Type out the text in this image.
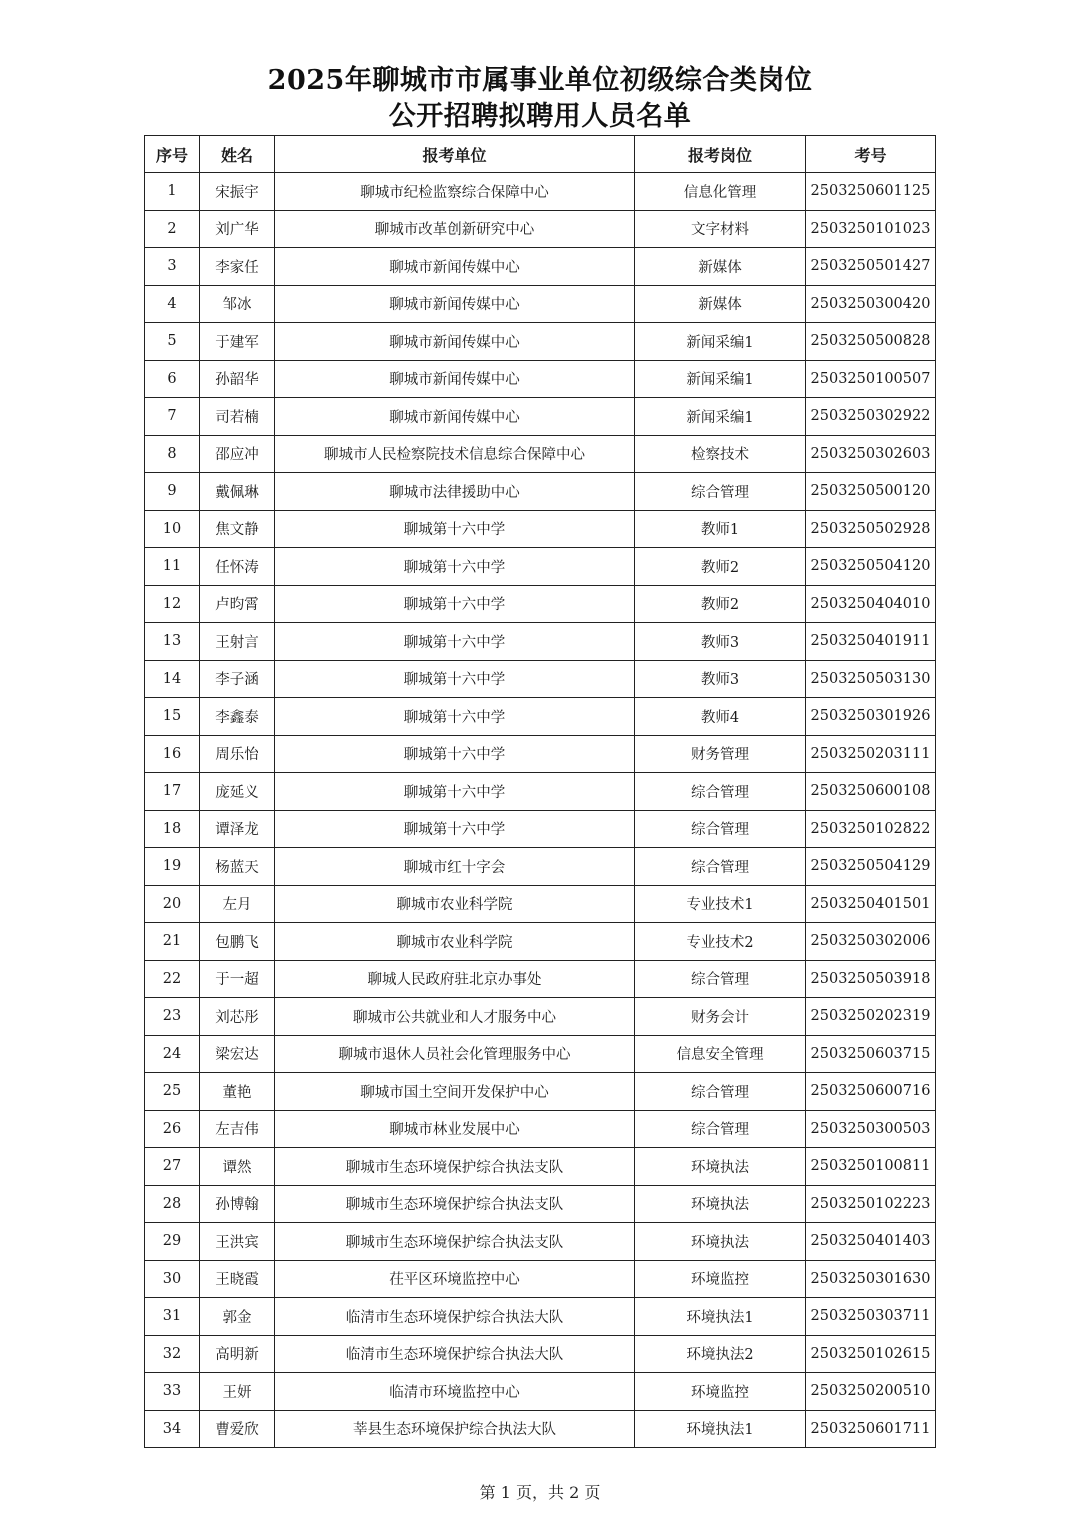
2025年聊城市市属事业单位初级综合类岗位
公开招聘拟聘用人员名单
序号	姓名	报考单位	报考岗位	考号
1	宋振宇	聊城市纪检监察综合保障中心	信息化管理	2503250601125
2	刘广华	聊城市改革创新研究中心	文字材料	2503250101023
3	李家任	聊城市新闻传媒中心	新媒体	2503250501427
4	邹冰	聊城市新闻传媒中心	新媒体	2503250300420
5	于建军	聊城市新闻传媒中心	新闻采编1	2503250500828
6	孙韶华	聊城市新闻传媒中心	新闻采编1	2503250100507
7	司若楠	聊城市新闻传媒中心	新闻采编1	2503250302922
8	邵应冲	聊城市人民检察院技术信息综合保障中心	检察技术	2503250302603
9	戴佩琳	聊城市法律援助中心	综合管理	2503250500120
10	焦文静	聊城第十六中学	教师1	2503250502928
11	任怀涛	聊城第十六中学	教师2	2503250504120
12	卢昀霄	聊城第十六中学	教师2	2503250404010
13	王射言	聊城第十六中学	教师3	2503250401911
14	李子涵	聊城第十六中学	教师3	2503250503130
15	李鑫泰	聊城第十六中学	教师4	2503250301926
16	周乐怡	聊城第十六中学	财务管理	2503250203111
17	庞延义	聊城第十六中学	综合管理	2503250600108
18	谭泽龙	聊城第十六中学	综合管理	2503250102822
19	杨蓝天	聊城市红十字会	综合管理	2503250504129
20	左月	聊城市农业科学院	专业技术1	2503250401501
21	包鹏飞	聊城市农业科学院	专业技术2	2503250302006
22	于一超	聊城人民政府驻北京办事处	综合管理	2503250503918
23	刘芯彤	聊城市公共就业和人才服务中心	财务会计	2503250202319
24	梁宏达	聊城市退休人员社会化管理服务中心	信息安全管理	2503250603715
25	董艳	聊城市国土空间开发保护中心	综合管理	2503250600716
26	左吉伟	聊城市林业发展中心	综合管理	2503250300503
27	谭然	聊城市生态环境保护综合执法支队	环境执法	2503250100811
28	孙博翰	聊城市生态环境保护综合执法支队	环境执法	2503250102223
29	王洪宾	聊城市生态环境保护综合执法支队	环境执法	2503250401403
30	王晓霞	茌平区环境监控中心	环境监控	2503250301630
31	郭金	临清市生态环境保护综合执法大队	环境执法1	2503250303711
32	高明新	临清市生态环境保护综合执法大队	环境执法2	2503250102615
33	王妍	临清市环境监控中心	环境监控	2503250200510
34	曹爱欣	莘县生态环境保护综合执法大队	环境执法1	2503250601711
第 1 页，共 2 页
